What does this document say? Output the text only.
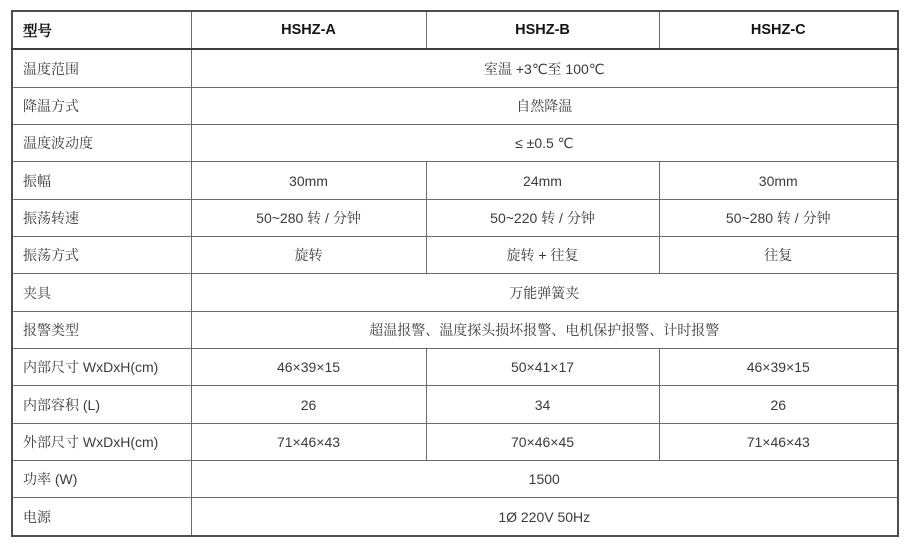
型号	HSHZ-A	HSHZ-B	HSHZ-C
温度范围	室温 +3℃至 100℃		
降温方式	自然降温		
温度波动度	≤ ±0.5 ℃		
振幅	30mm	24mm	30mm
振荡转速	50~280 转 / 分钟	50~220 转 / 分钟	50~280 转 / 分钟
振荡方式	旋转	旋转 + 往复	往复
夹具	万能弹簧夹		
报警类型	超温报警、温度探头损坏报警、电机保护报警、计时报警		
内部尺寸 WxDxH(cm)	46×39×15	50×41×17	46×39×15
内部容积 (L)	26	34	26
外部尺寸 WxDxH(cm)	71×46×43	70×46×45	71×46×43
功率 (W)	1500		
电源	1Ø 220V 50Hz		
